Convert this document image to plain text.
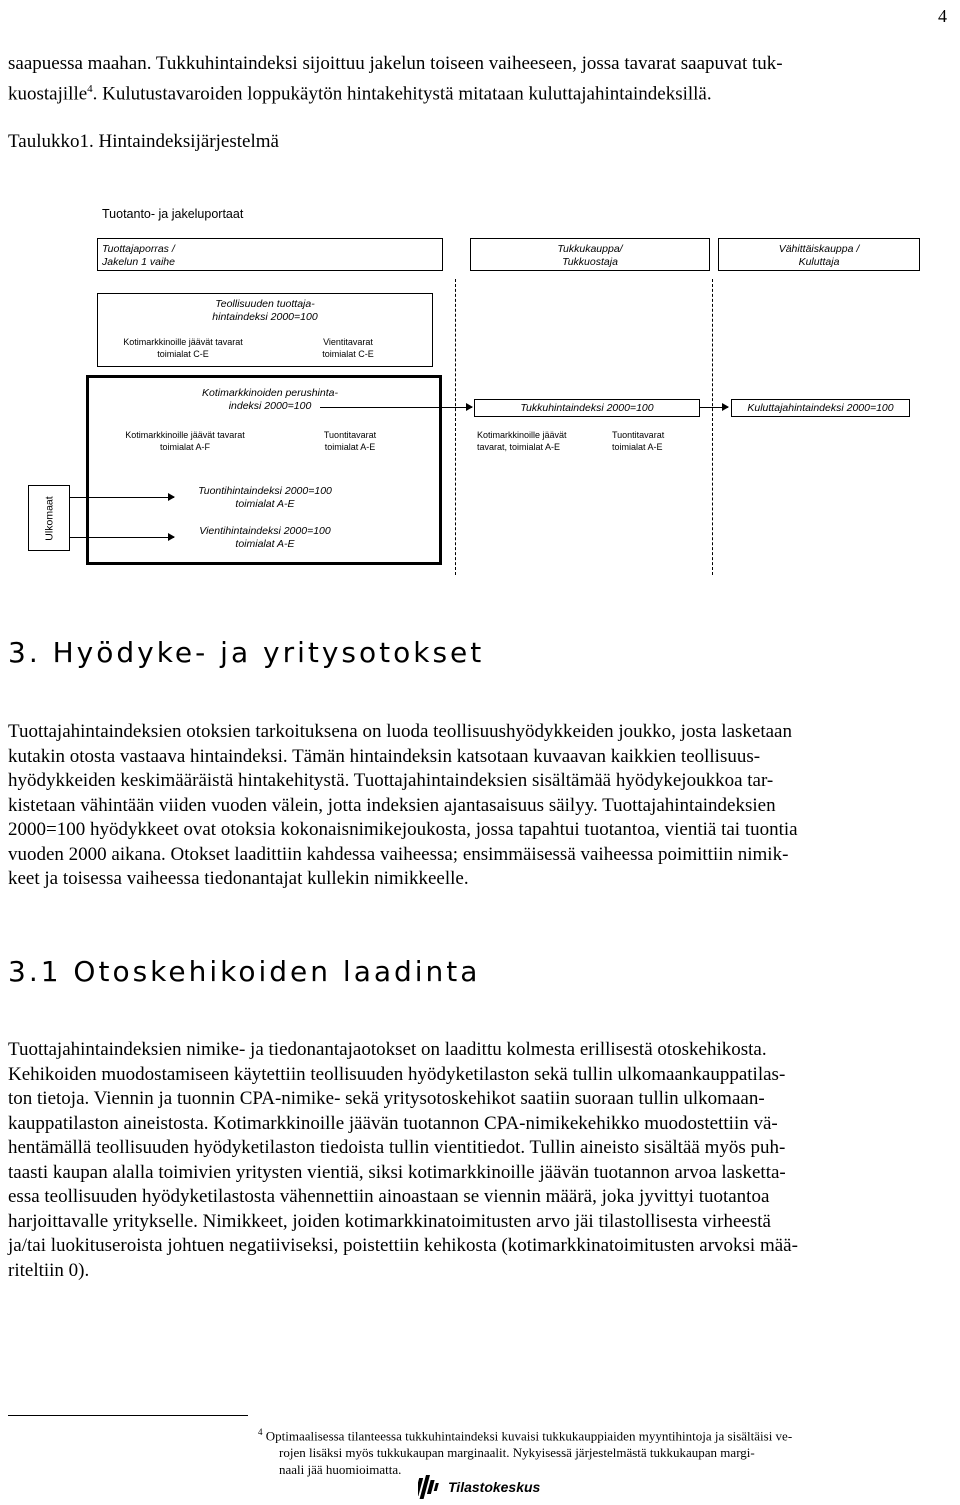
4
saapuessa maahan. Tukkuhintaindeksi sijoittuu jakelun toiseen vaiheeseen, jossa tavarat saapuvat tuk-
kuostajille$^4$. Kulutustavaroiden loppukäytön hintakehitystä mitataan kuluttajahintaindeksillä.
Taulukko1. Hintaindeksijärjestelmä
Tuotanto- ja jakeluportaat
Tuottajaporras /
Jakelun 1 vaihe
Tukkukauppa/
Tukkuostaja
Vähittäiskauppa /
Kuluttaja
Teollisuuden tuottaja-
hintaindeksi 2000=100
Kotimarkkinoille jäävät tavarat
toimialat C-E
Vientitavarat
toimialat C-E
Kotimarkkinoiden perushinta-
indeksi 2000=100
Kotimarkkinoille jäävät tavarat
toimialat A-F
Tuontitavarat
toimialat A-E
Tukkuhintaindeksi 2000=100
Kotimarkkinoille jäävät
tavarat, toimialat A-E
Tuontitavarat
toimialat A-E
Kuluttajahintaindeksi 2000=100
Ulkomaat
Tuontihintaindeksi 2000=100
toimialat A-E
Vientihintaindeksi 2000=100
toimialat A-E
3. Hyödyke- ja yritysotokset
Tuottajahintaindeksien otoksien tarkoituksena on luoda teollisuushyödykkeiden joukko, josta lasketaan
kutakin otosta vastaava hintaindeksi. Tämän hintaindeksin katsotaan kuvaavan kaikkien teollisuus-
hyödykkeiden keskimääräistä hintakehitystä. Tuottajahintaindeksien sisältämää hyödykejoukkoa tar-
kistetaan vähintään viiden vuoden välein, jotta indeksien ajantasaisuus säilyy. Tuottajahintaindeksien
2000=100 hyödykkeet ovat otoksia kokonaisnimikejoukosta, jossa tapahtui tuotantoa, vientiä tai tuontia
vuoden 2000 aikana. Otokset laadittiin kahdessa vaiheessa; ensimmäisessä vaiheessa poimittiin nimik-
keet ja toisessa vaiheessa tiedonantajat kullekin nimikkeelle.
3.1 Otoskehikoiden laadinta
Tuottajahintaindeksien nimike- ja tiedonantajaotokset on laadittu kolmesta erillisestä otoskehikosta.
Kehikoiden muodostamiseen käytettiin teollisuuden hyödyketilaston sekä tullin ulkomaankauppatilas-
ton tietoja. Viennin ja tuonnin CPA-nimike- sekä yritysotoskehikot saatiin suoraan tullin ulkomaan-
kauppatilaston aineistosta. Kotimarkkinoille jäävän tuotannon CPA-nimikekehikko muodostettiin vä-
hentämällä teollisuuden hyödyketilaston tiedoista tullin vientitiedot. Tullin aineisto sisältää myös puh-
taasti kaupan alalla toimivien yritysten vientiä, siksi kotimarkkinoille jäävän tuotannon arvoa lasketta-
essa teollisuuden hyödyketilastosta vähennettiin ainoastaan se viennin määrä, joka jyvittyi tuotantoa
harjoittavalle yritykselle. Nimikkeet, joiden kotimarkkinatoimitusten arvo jäi tilastollisesta virheestä
ja/tai luokituseroista johtuen negatiiviseksi, poistettiin kehikosta (kotimarkkinatoimitusten arvoksi mää-
riteltiin 0).
$^4$ Optimaalisessa tilanteessa tukkuhintaindeksi kuvaisi tukkukauppiaiden myyntihintoja ja sisältäisi ve-
rojen lisäksi myös tukkukaupan marginaalit. Nykyisessä järjestelmästä tukkukaupan margi-
naali jää huomioimatta.
Tilastokeskus
